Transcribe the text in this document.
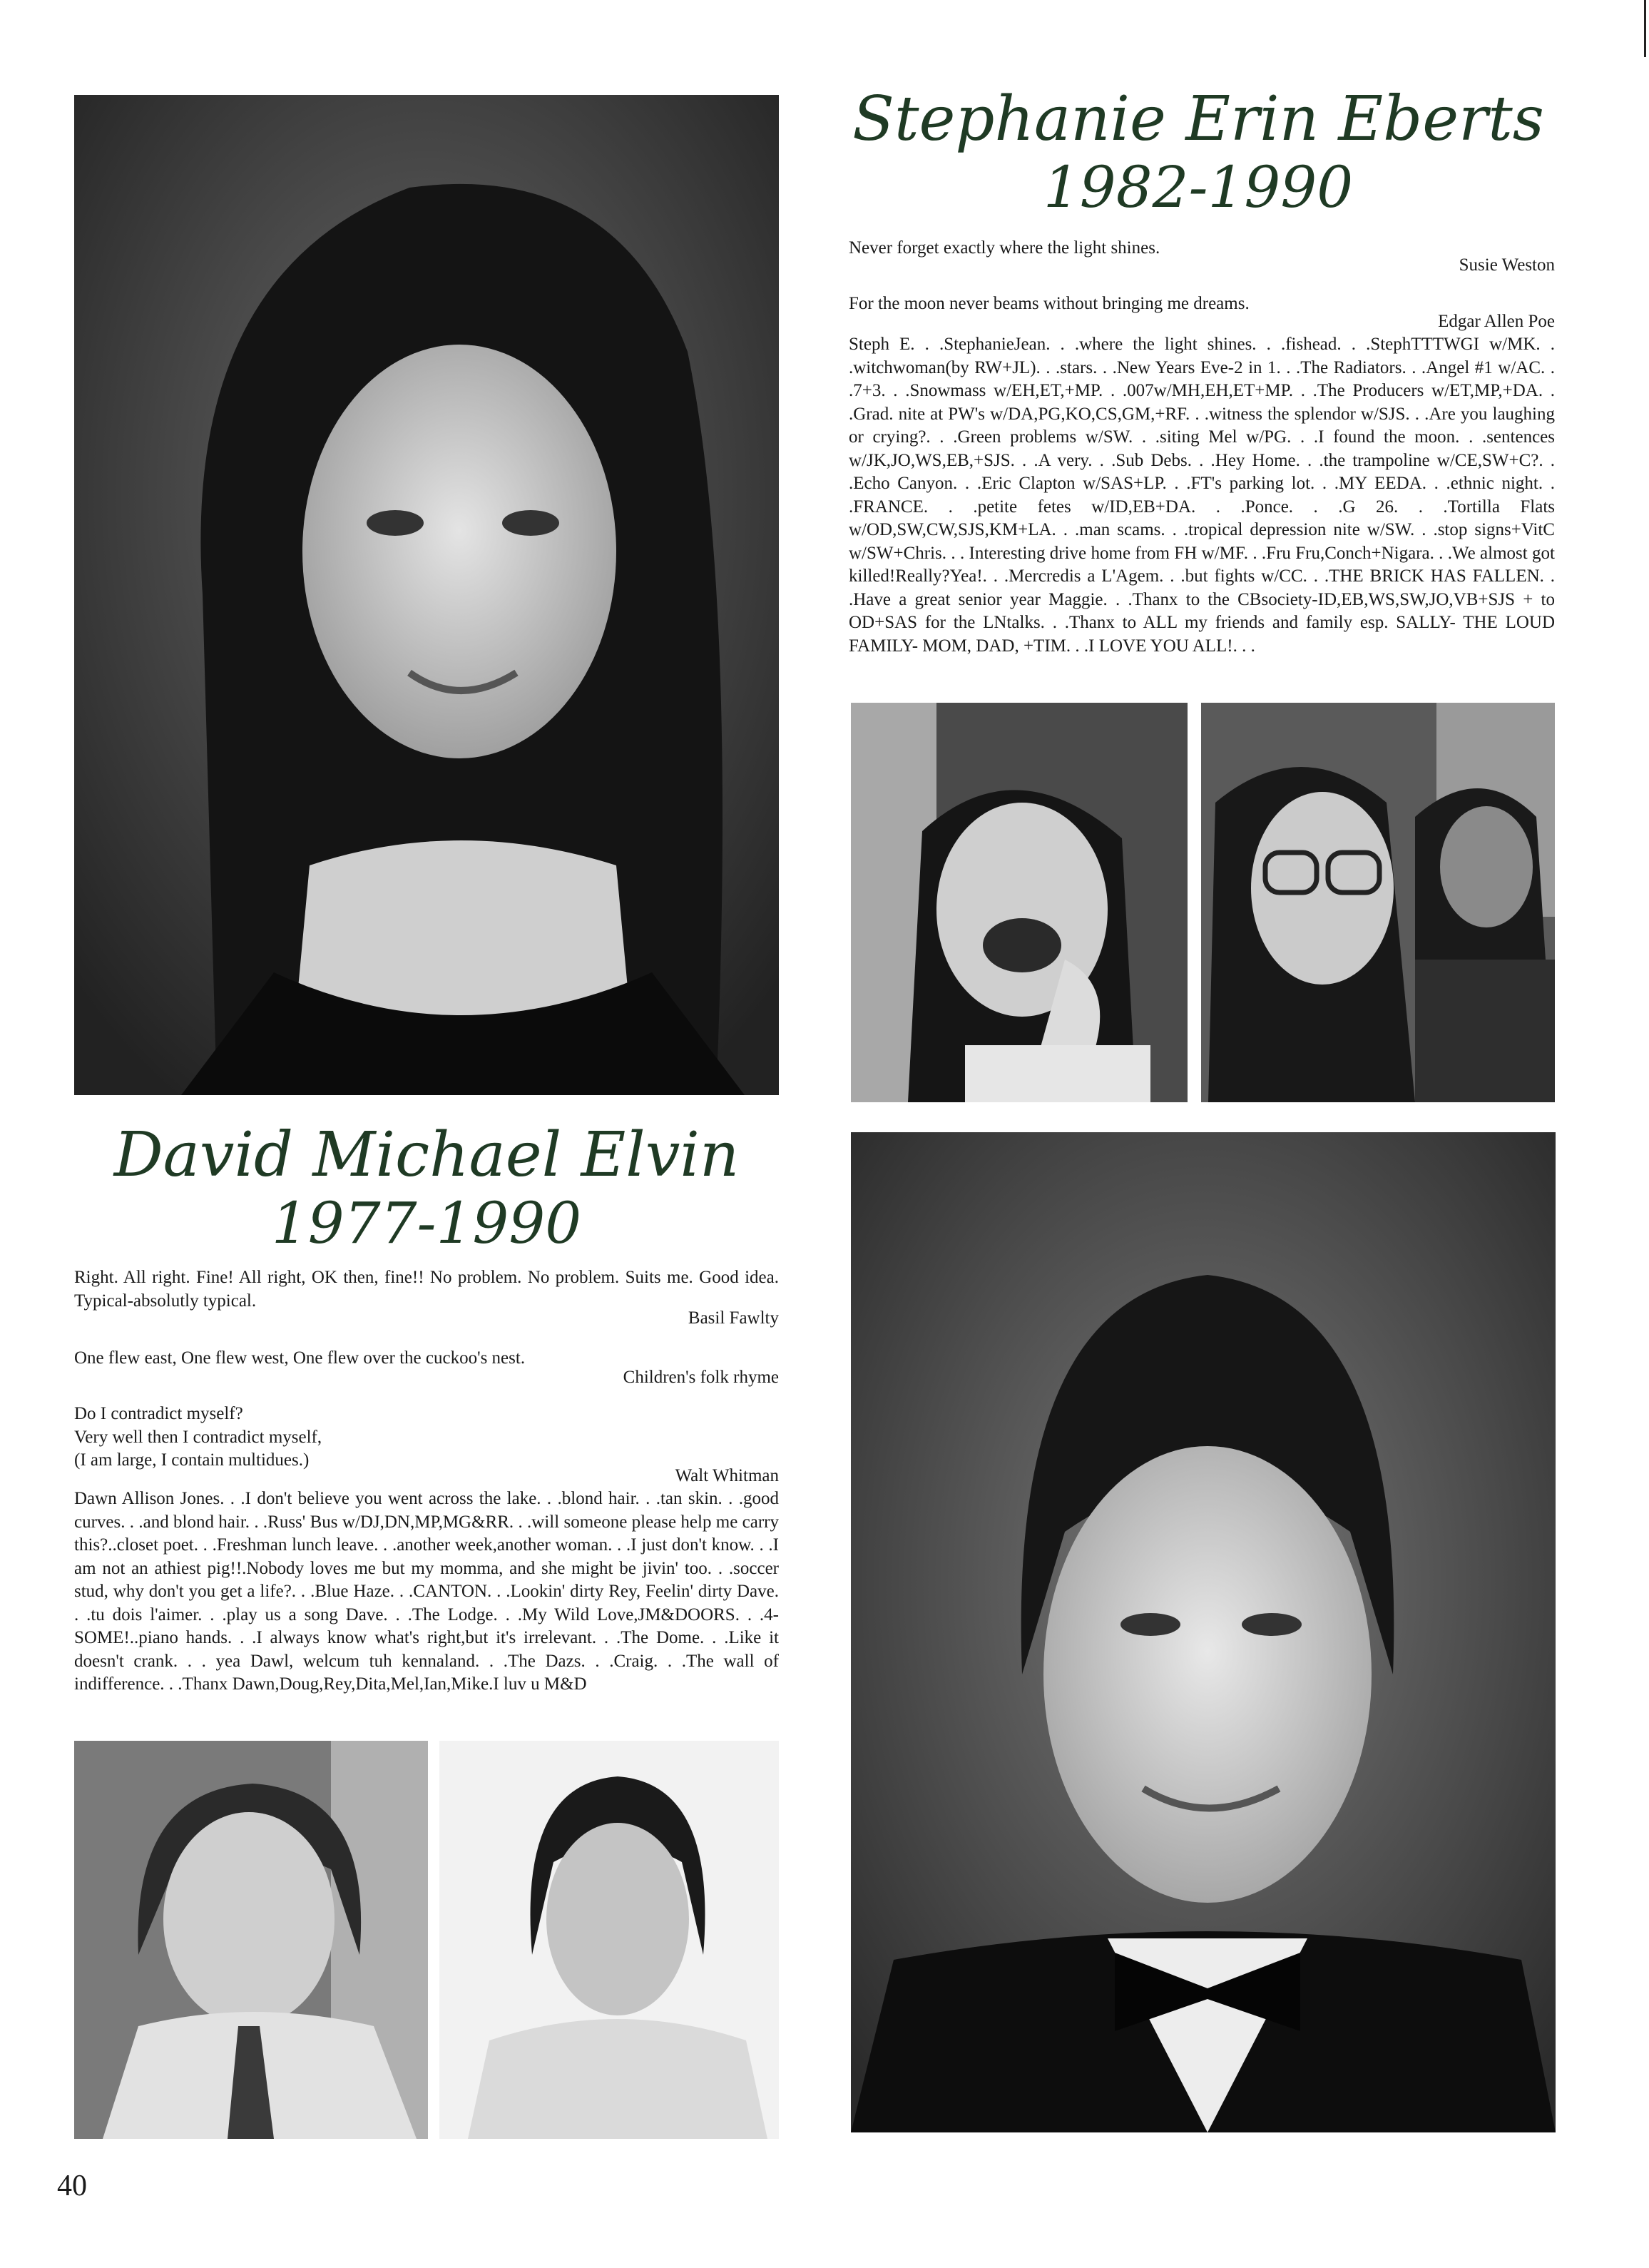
Stephanie Erin Eberts
1982-1990
Never forget exactly where the light shines.
Susie Weston
For the moon never beams without bringing me dreams.
Edgar Allen Poe
Steph E. . .StephanieJean. . .where the light shines. . .fishead. . .StephTTTWGI w/MK. . .witchwoman(by RW+JL). . .stars. . .New Years Eve-2 in 1. . .The Radiators. . .Angel #1 w/AC. . .7+3. . .Snowmass w/EH,ET,+MP. . .007w/MH,EH,ET+MP. . .The Producers w/ET,MP,+DA. . .Grad. nite at PW's w/DA,PG,KO,CS,GM,+RF. . .witness the splendor w/SJS. . .Are you laughing or crying?. . .Green problems w/SW. . .siting Mel w/PG. . .I found the moon. . .sentences w/JK,JO,WS,EB,+SJS. . .A very. . .Sub Debs. . .Hey Home. . .the trampoline w/CE,SW+C?. . .Echo Canyon. . .Eric Clapton w/SAS+LP. . .FT's parking lot. . .MY EEDA. . .ethnic night. . .FRANCE. . .petite fetes w/ID,EB+DA. . .Ponce. . .G 26. . .Tortilla Flats w/OD,SW,CW,SJS,KM+LA. . .man scams. . .tropical depression nite w/SW. . .stop signs+VitC w/SW+Chris. . . Interesting drive home from FH w/MF. . .Fru Fru,Conch+Nigara. . .We almost got killed!Really?Yea!. . .Mercredis a L'Agem. . .but fights w/CC. . .THE BRICK HAS FALLEN. . .Have a great senior year Maggie. . .Thanx to the CBsociety-ID,EB,WS,SW,JO,VB+SJS + to OD+SAS for the LNtalks. . .Thanx to ALL my friends and family esp. SALLY- THE LOUD FAMILY- MOM, DAD, +TIM. . .I LOVE YOU ALL!. . .
David Michael Elvin
1977-1990
Right. All right. Fine! All right, OK then, fine!! No problem. No problem. Suits me. Good idea. Typical-absolutly typical.
Basil Fawlty
One flew east, One flew west, One flew over the cuckoo's nest.
Children's folk rhyme
Do I contradict myself?
Very well then I contradict myself,
(I am large, I contain multidues.)
Walt Whitman
Dawn Allison Jones. . .I don't believe you went across the lake. . .blond hair. . .tan skin. . .good curves. . .and blond hair. . .Russ' Bus w/DJ,DN,MP,MG&RR. . .will someone please help me carry this?..closet poet. . .Freshman lunch leave. . .another week,another woman. . .I just don't know. . .I am not an athiest pig!!.Nobody loves me but my momma, and she might be jivin' too. . .soccer stud, why don't you get a life?. . .Blue Haze. . .CANTON. . .Lookin' dirty Rey, Feelin' dirty Dave. . .tu dois l'aimer. . .play us a song Dave. . .The Lodge. . .My Wild Love,JM&DOORS. . .4-SOME!..piano hands. . .I always know what's right,but it's irrelevant. . .The Dome. . .Like it doesn't crank. . . yea Dawl, welcum tuh kennaland. . .The Dazs. . .Craig. . .The wall of indifference. . .Thanx Dawn,Doug,Rey,Dita,Mel,Ian,Mike.I luv u M&D
40
